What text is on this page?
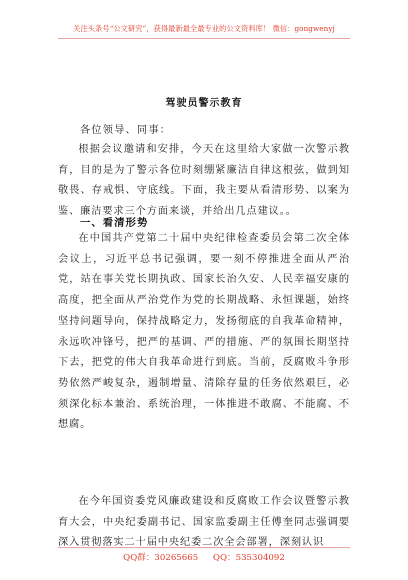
关注头条号“公文研究”，获得最新最全最专业的公文资料库！ 微信：gongwenyj
驾驶员警示教育
各位领导、同事：

根据会议邀请和安排，今天在这里给大家做一次警示教育，目的是为了警示各位时刻绷紧廉洁自律这根弦，做到知敬畏、存戒惧、守底线。下面，我主要从看清形势、以案为鉴、廉洁要求三个方面来谈，并给出几点建议。。

一、看清形势

在中国共产党第二十届中央纪律检查委员会第二次全体会议上，习近平总书记强调，要一刻不停推进全面从严治党，站在事关党长期执政、国家长治久安、人民幸福安康的高度，把全面从严治党作为党的长期战略、永恒课题，始终坚持问题导向，保持战略定力，发扬彻底的自我革命精神，永远吹冲锋号，把严的基调、严的措施、严的氛围长期坚持下去，把党的伟大自我革命进行到底。当前，反腐败斗争形势依然严峻复杂，遏制增量、清除存量的任务依然艰巨，必须深化标本兼治、系统治理，一体推进不敢腐、不能腐、不想腐。

在今年国资委党风廉政建设和反腐败工作会议暨警示教育大会，中央纪委副书记、国家监委副主任傅奎同志强调要深入贯彻落实二十届中央纪委二次全会部署，深刻认识

QQ群：30265665 QQ：535304092
